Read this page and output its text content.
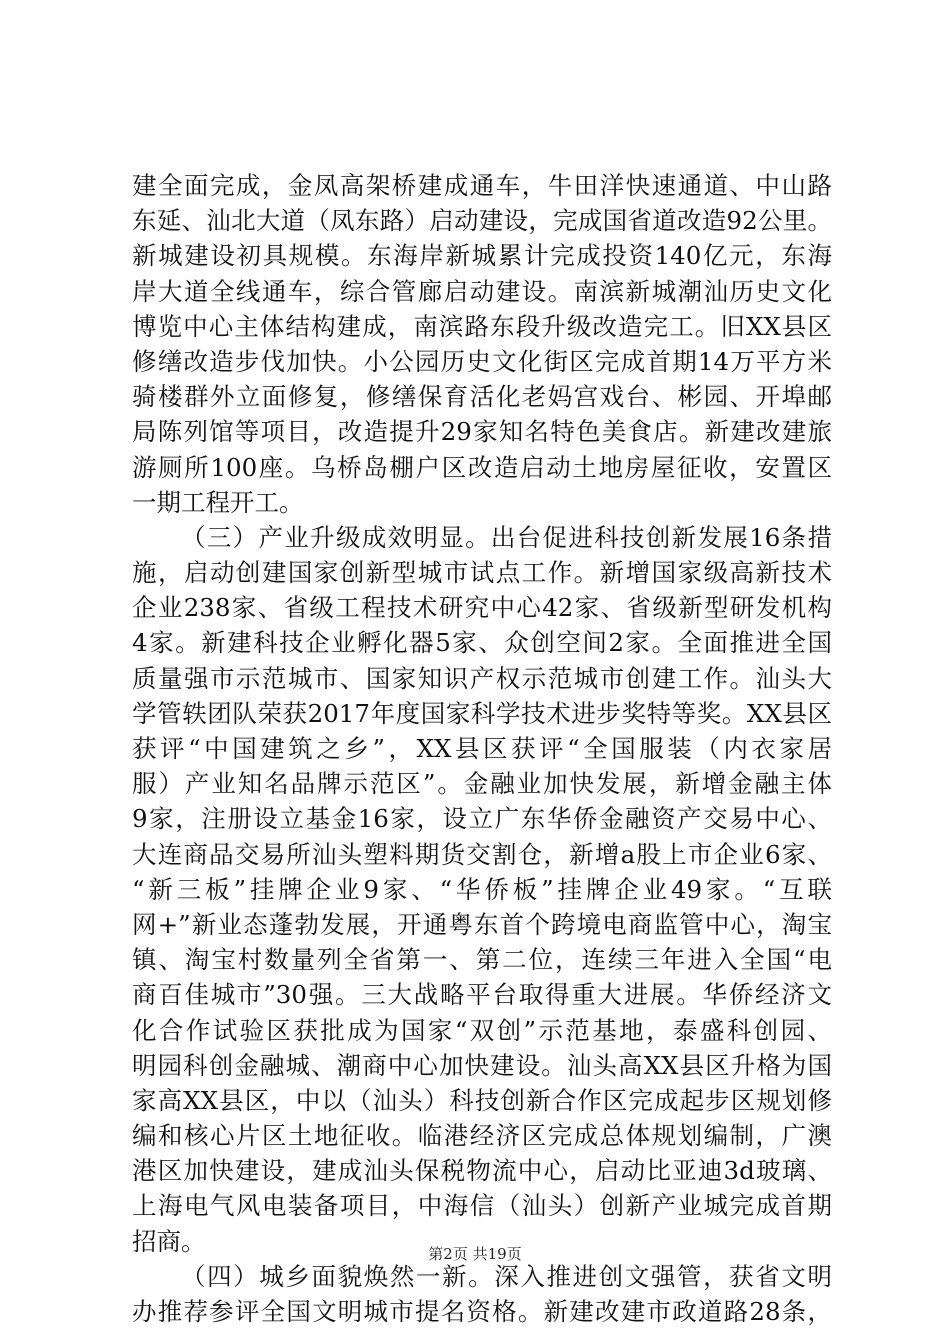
建全面完成，金凤高架桥建成通车，牛田洋快速通道、中山路
东延、汕北大道（凤东路）启动建设，完成国省道改造92公里。
新城建设初具规模。东海岸新城累计完成投资140亿元，东海
岸大道全线通车，综合管廊启动建设。南滨新城潮汕历史文化
博览中心主体结构建成，南滨路东段升级改造完工。旧XX县区
修缮改造步伐加快。小公园历史文化街区完成首期14万平方米
骑楼群外立面修复，修缮保育活化老妈宫戏台、彬园、开埠邮
局陈列馆等项目，改造提升29家知名特色美食店。新建改建旅
游厕所100座。乌桥岛棚户区改造启动土地房屋征收，安置区
一期工程开工。
（三）产业升级成效明显。出台促进科技创新发展16条措
施，启动创建国家创新型城市试点工作。新增国家级高新技术
企业238家、省级工程技术研究中心42家、省级新型研发机构
4家。新建科技企业孵化器5家、众创空间2家。全面推进全国
质量强市示范城市、国家知识产权示范城市创建工作。汕头大
学管轶团队荣获2017年度国家科学技术进步奖特等奖。XX县区
获评“中国建筑之乡”，XX县区获评“全国服装（内衣家居
服）产业知名品牌示范区”。金融业加快发展，新增金融主体
9家，注册设立基金16家，设立广东华侨金融资产交易中心、
大连商品交易所汕头塑料期货交割仓，新增a股上市企业6家、
“新三板”挂牌企业9家、“华侨板”挂牌企业49家。“互联
网+”新业态蓬勃发展，开通粤东首个跨境电商监管中心，淘宝
镇、淘宝村数量列全省第一、第二位，连续三年进入全国“电
商百佳城市”30强。三大战略平台取得重大进展。华侨经济文
化合作试验区获批成为国家“双创”示范基地，泰盛科创园、
明园科创金融城、潮商中心加快建设。汕头高XX县区升格为国
家高XX县区，中以（汕头）科技创新合作区完成起步区规划修
编和核心片区土地征收。临港经济区完成总体规划编制，广澳
港区加快建设，建成汕头保税物流中心，启动比亚迪3d玻璃、
上海电气风电装备项目，中海信（汕头）创新产业城完成首期
招商。
（四）城乡面貌焕然一新。深入推进创文强管，获省文明
办推荐参评全国文明城市提名资格。新建改建市政道路28条，
第2页 共19页
